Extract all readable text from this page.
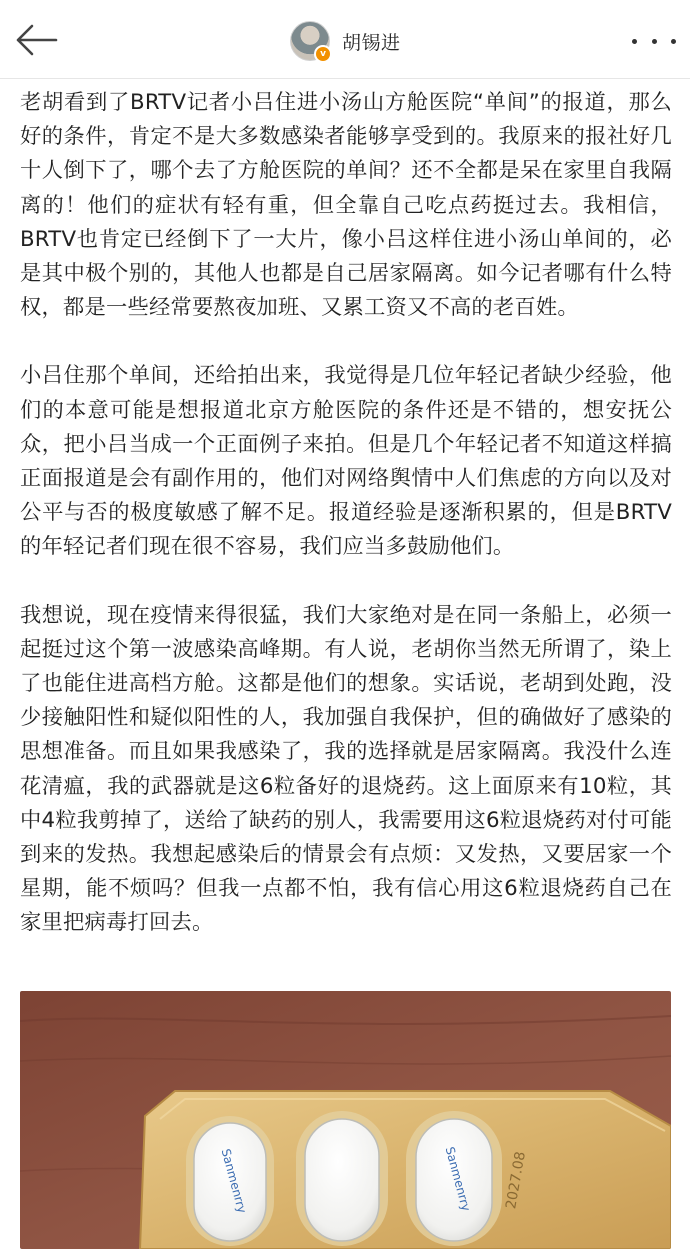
v
胡锡进

老胡看到了BRTV记者小吕住进小汤山方舱医院“单间”的报道，那么好的条件，肯定不是大多数感染者能够享受到的。我原来的报社好几十人倒下了，哪个去了方舱医院的单间？还不全都是呆在家里自我隔离的！他们的症状有轻有重，但全靠自己吃点药挺过去。我相信，BRTV也肯定已经倒下了一大片，像小吕这样住进小汤山单间的，必是其中极个别的，其他人也都是自己居家隔离。如今记者哪有什么特权，都是一些经常要熬夜加班、又累工资又不高的老百姓。

小吕住那个单间，还给拍出来，我觉得是几位年轻记者缺少经验，他们的本意可能是想报道北京方舱医院的条件还是不错的，想安抚公众，把小吕当成一个正面例子来拍。但是几个年轻记者不知道这样搞正面报道是会有副作用的，他们对网络舆情中人们焦虑的方向以及对公平与否的极度敏感了解不足。报道经验是逐渐积累的，但是BRTV的年轻记者们现在很不容易，我们应当多鼓励他们。

我想说，现在疫情来得很猛，我们大家绝对是在同一条船上，必须一起挺过这个第一波感染高峰期。有人说，老胡你当然无所谓了，染上了也能住进高档方舱。这都是他们的想象。实话说，老胡到处跑，没少接触阳性和疑似阳性的人，我加强自我保护，但的确做好了感染的思想准备。而且如果我感染了，我的选择就是居家隔离。我没什么连花清瘟，我的武器就是这6粒备好的退烧药。这上面原来有10粒，其中4粒我剪掉了，送给了缺药的别人，我需要用这6粒退烧药对付可能到来的发热。我想起感染后的情景会有点烦：又发热，又要居家一个星期，能不烦吗？但我一点都不怕，我有信心用这6粒退烧药自己在家里把病毒打回去。

Sanmenrry	Sanmenrry 2027.08
